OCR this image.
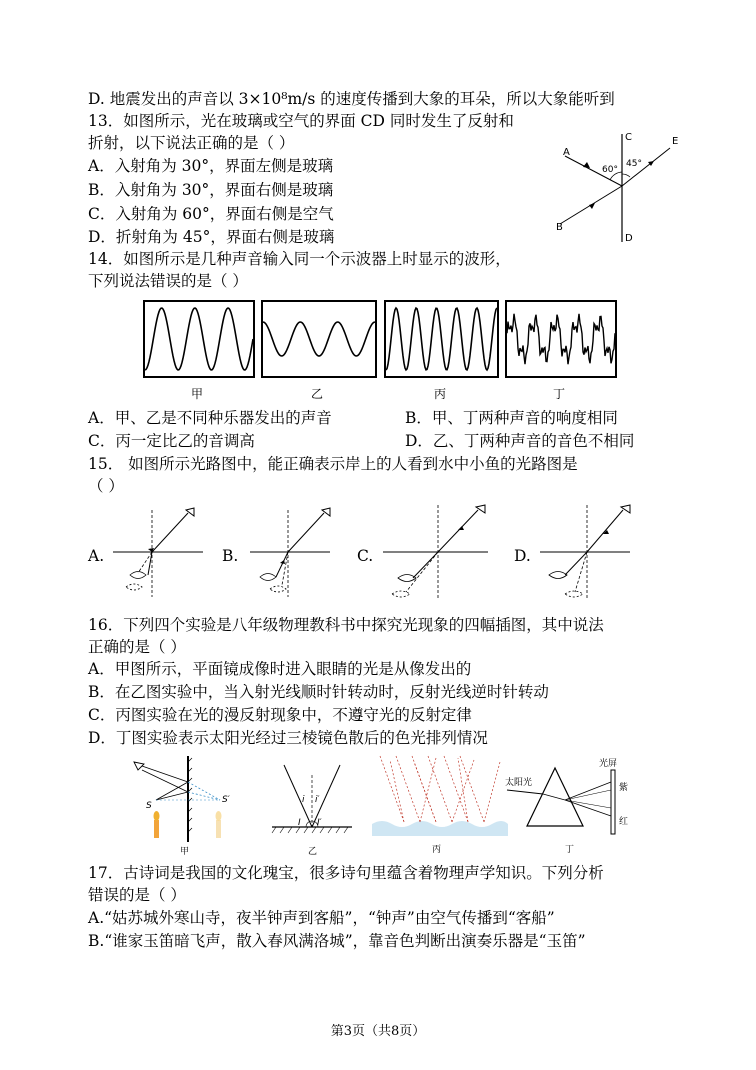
D. 地震发出的声音以 3×10⁸m/s 的速度传播到大象的耳朵，所以大象能听到
13．如图所示，光在玻璃或空气的界面 CD 同时发生了反射和
折射，以下说法正确的是（ ）
A．入射角为 30°，界面左侧是玻璃
B．入射角为 30°，界面右侧是玻璃
C．入射角为 60°，界面右侧是空气
D．折射角为 45°，界面右侧是玻璃
14．如图所示是几种声音输入同一个示波器上时显示的波形，
下列说法错误的是（ ）
C
D
A
B
E
60°
45°
甲	乙	丙	丁
A．甲、乙是不同种乐器发出的声音	B．甲、丁两种声音的响度相同
C．丙一定比乙的音调高	D．乙、丁两种声音的音色不相同
15． 如图所示光路图中，能正确表示岸上的人看到水中小鱼的光路图是
（ ）
A.	B.	C.	D.
16．下列四个实验是八年级物理教科书中探究光现象的四幅插图，其中说法
正确的是（ ）
A．甲图所示，平面镜成像时进入眼睛的光是从像发出的
B．在乙图实验中，当入射光线顺时针转动时，反射光线逆时针转动
C．丙图实验在光的漫反射现象中，不遵守光的反射定律
D．丁图实验表示太阳光经过三棱镜色散后的色光排列情况
S
S′
甲
i i′
I I′
乙	丙
太阳光
光屏
紫
红
丁
17．古诗词是我国的文化瑰宝，很多诗句里蕴含着物理声学知识。下列分析
错误的是（ ）
A.“姑苏城外寒山寺，夜半钟声到客船”，“钟声”由空气传播到“客船”
B.“谁家玉笛暗飞声，散入春风满洛城”，靠音色判断出演奏乐器是“玉笛”
第3页（共8页）
